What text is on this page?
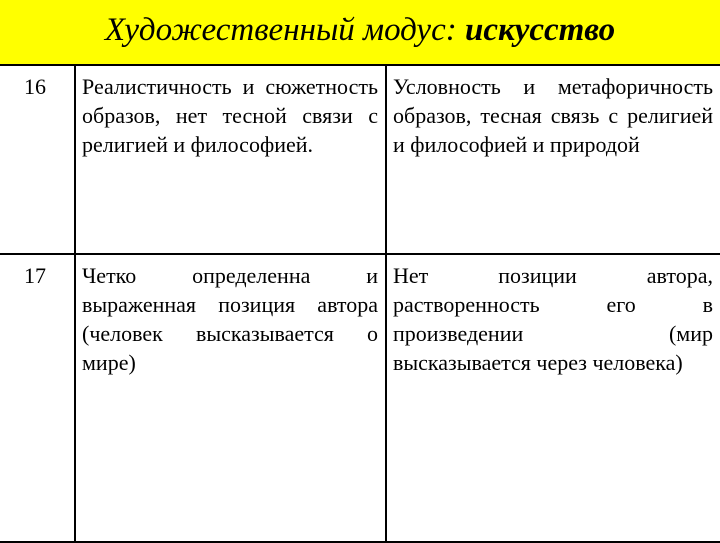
Художественный модус: искусство
16	Реалистичность и сюжетность образов, нет тесной связи с религией и философией.	Условность и метафоричность образов, тесная связь с религией и философией и природой
17	Четко определенна и выраженная позиция автора (человек высказывается о мире)	Нет позиции автора, растворенность его в произведении (мир высказывается через человека)
